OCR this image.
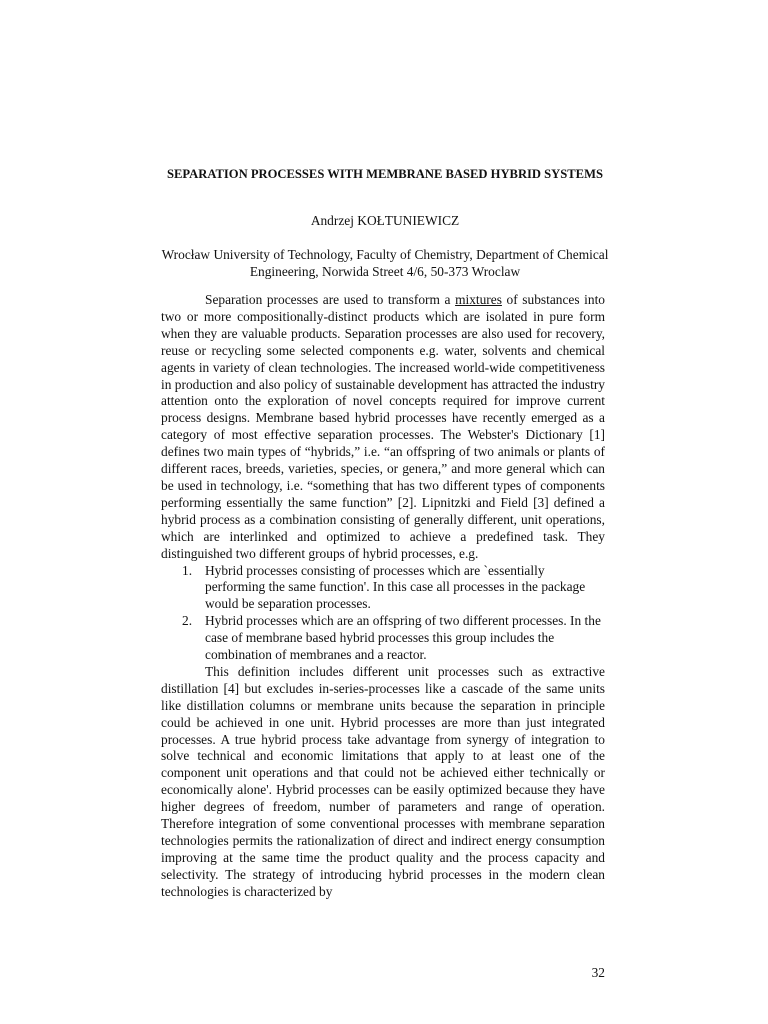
SEPARATION PROCESSES WITH MEMBRANE BASED HYBRID SYSTEMS

Andrzej KOŁTUNIEWICZ

Wrocław University of Technology, Faculty of Chemistry, Department of Chemical Engineering, Norwida Street 4/6, 50-373 Wroclaw

Separation processes are used to transform a mixtures of substances into two or more compositionally-distinct products which are isolated in pure form when they are valuable products. Separation processes are also used for recovery, reuse or recycling some selected components e.g. water, solvents and chemical agents in variety of clean technologies. The increased world-wide competitiveness in production and also policy of sustainable development has attracted the industry attention onto the exploration of novel concepts required for improve current process designs. Membrane based hybrid processes have recently emerged as a category of most effective separation processes. The Webster's Dictionary [1] defines two main types of “hybrids,” i.e. “an offspring of two animals or plants of different races, breeds, varieties, species, or genera,” and more general which can be used in technology, i.e. “something that has two different types of components performing essentially the same function” [2]. Lipnitzki and Field [3] defined a hybrid process as a combination consisting of generally different, unit operations, which are interlinked and optimized to achieve a predefined task. They distinguished two different groups of hybrid processes, e.g.

1. Hybrid processes consisting of processes which are `essentially performing the same function'. In this case all processes in the package would be separation processes.
2. Hybrid processes which are an offspring of two different processes. In the case of membrane based hybrid processes this group includes the combination of membranes and a reactor.

This definition includes different unit processes such as extractive distillation [4] but excludes in-series-processes like a cascade of the same units like distillation columns or membrane units because the separation in principle could be achieved in one unit. Hybrid processes are more than just integrated processes. A true hybrid process take advantage from synergy of integration to solve technical and economic limitations that apply to at least one of the component unit operations and that could not be achieved either technically or economically alone'. Hybrid processes can be easily optimized because they have higher degrees of freedom, number of parameters and range of operation. Therefore integration of some conventional processes with membrane separation technologies permits the rationalization of direct and indirect energy consumption improving at the same time the product quality and the process capacity and selectivity. The strategy of introducing hybrid processes in the modern clean technologies is characterized by

32
